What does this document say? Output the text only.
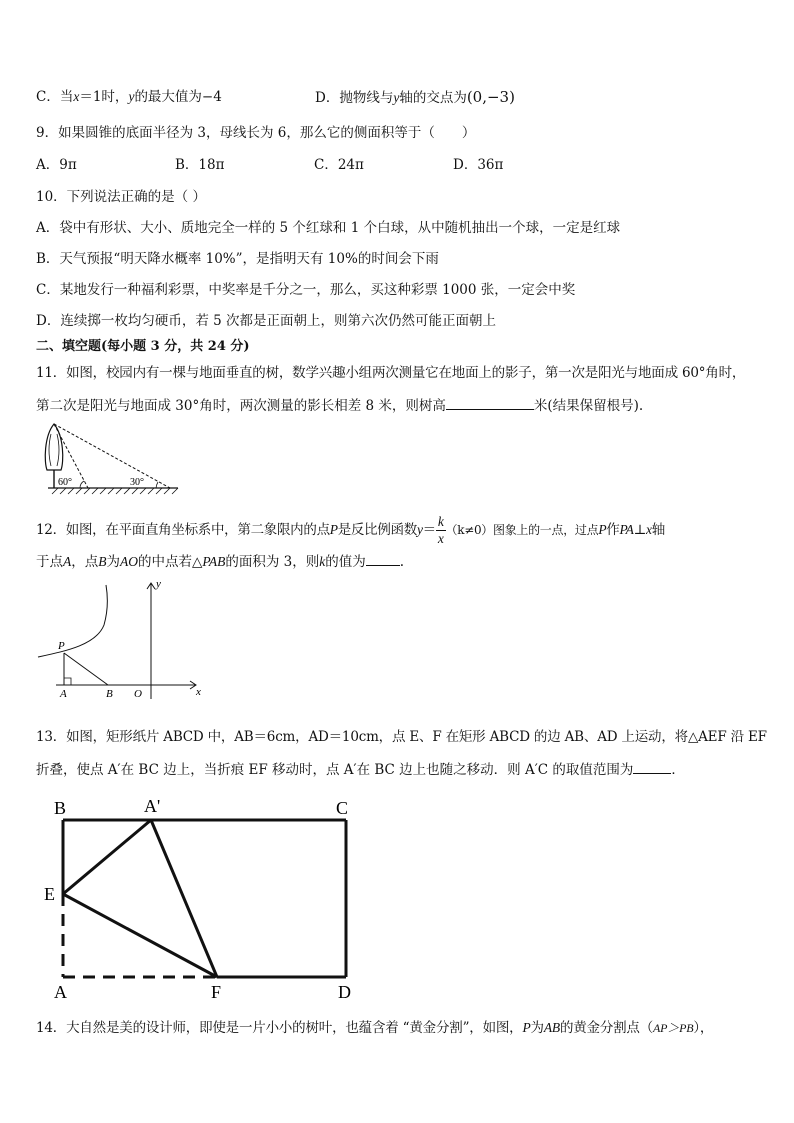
C．当x＝1时，y的最大值为−4	D．抛物线与y轴的交点为(0,−3)
9．如果圆锥的底面半径为 3，母线长为 6，那么它的侧面积等于（　　）
A．9π	B．18π	C．24π	D．36π
10．下列说法正确的是（ ）
A．袋中有形状、大小、质地完全一样的 5 个红球和 1 个白球，从中随机抽出一个球，一定是红球
B．天气预报“明天降水概率 10%”，是指明天有 10%的时间会下雨
C．某地发行一种福利彩票，中奖率是千分之一，那么，买这种彩票 1000 张，一定会中奖
D．连续掷一枚均匀硬币，若 5 次都是正面朝上，则第六次仍然可能正面朝上
二、填空题(每小题 3 分，共 24 分)
11．如图，校园内有一棵与地面垂直的树，数学兴趣小组两次测量它在地面上的影子，第一次是阳光与地面成 60°角时，
第二次是阳光与地面成 30°角时，两次测量的影长相差 8 米，则树高	米(结果保留根号).
60°	30°
12．如图，在平面直角坐标系中，第二象限内的点P是反比例函数$y= \frac{k}{x} (k\ne 0)$图象上的一点，过点P作PA⊥x轴
于点A，点B为AO的中点若△PAB的面积为 3，则k的值为	.
P
A	B O	x
y
13．如图，矩形纸片 ABCD 中，AB＝6cm，AD＝10cm，点 E、F 在矩形 ABCD 的边 AB、AD 上运动，将△AEF 沿 EF
折叠，使点 A′在 BC 边上，当折痕 EF 移动时，点 A′在 BC 边上也随之移动．则 A′C 的取值范围为	．
B	A'	C
E
A	F	D
14．大自然是美的设计师，即使是一片小小的树叶，也蕴含着 “黄金分割”，如图，P为AB的黄金分割点（AP＞PB），
